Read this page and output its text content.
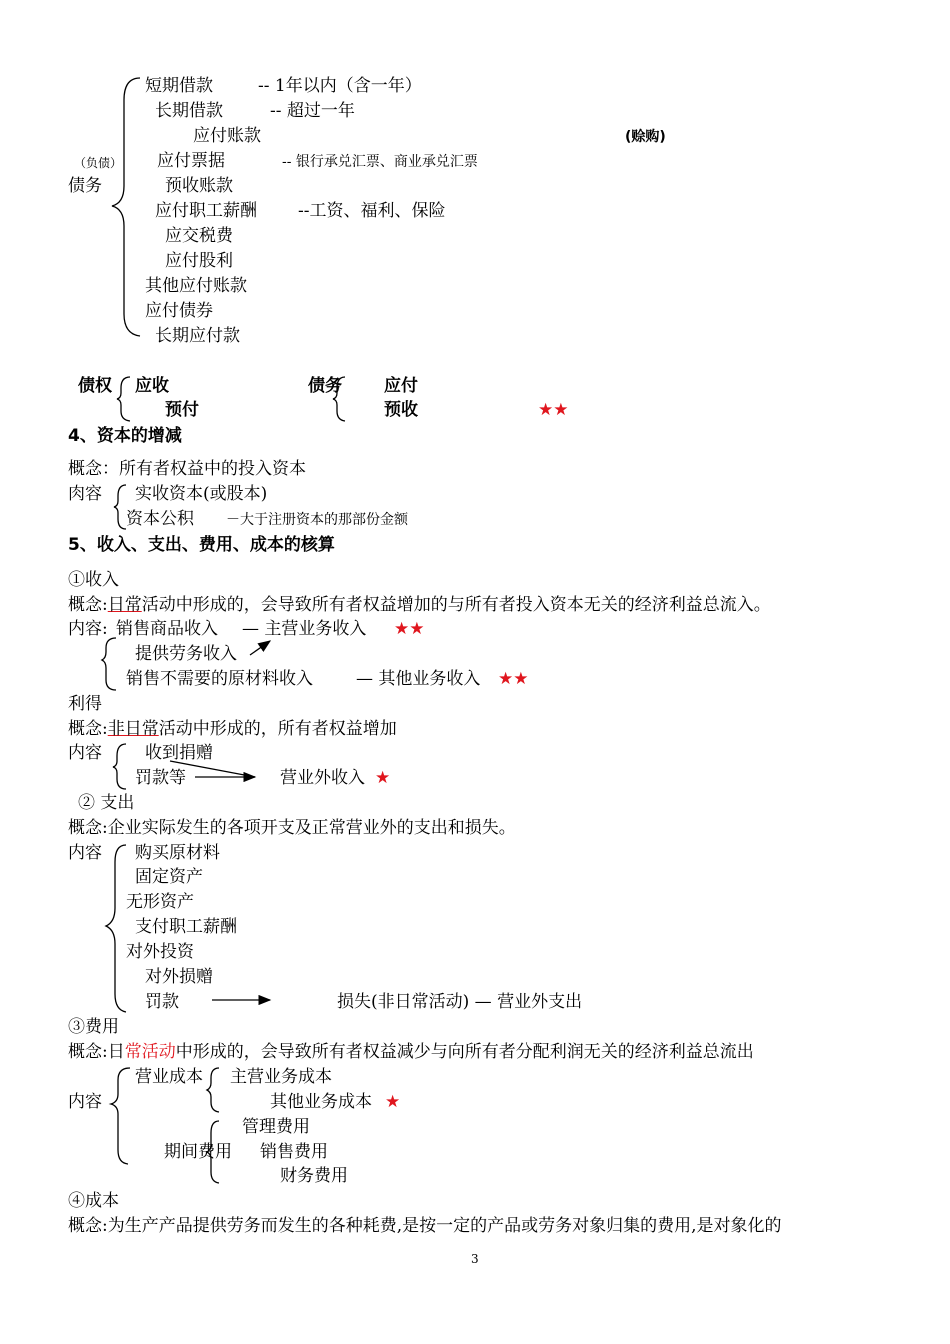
短期借款	-- 1年以内（含一年）
长期借款	-- 超过一年
应付账款	(赊购)
（负债） 应付票据	-- 银行承兑汇票、商业承兑汇票
债务	预收账款
应付职工薪酬 --工资、福利、保险
应交税费
应付股利
其他应付账款
应付债券
长期应付款
债权 应收
预付
债务 应付
预收	★★
4、资本的增减
概念：所有者权益中的投入资本
肉容 实收资本(或股本)
资本公积 －大于注册资本的那部份金额
5、收入、支出、费用、成本的核算
①收入
概念:日常活动中形成的，会导致所有者权益增加的与所有者投入资本无关的经济利益总流入。
内容: 销售商品收入 — 主营业务收入 ★★
提供劳务收入
销售不需要的原材料收入	— 其他业务收入 ★★
利得
概念:非日常活动中形成的，所有者权益增加
内容	收到捐赠
罚款等	营业外收入 ★
② 支出
概念:企业实际发生的各项开支及正常营业外的支出和损失。
内容 购买原材料
固定资产
无形资产
支付职工薪酬
对外投资
对外损赠
罚款	损失(非日常活动) — 营业外支出
③费用
概念:日常活动中形成的，会导致所有者权益减少与向所有者分配利润无关的经济利益总流出
营业成本 主营业务成本
内容	其他业务成本 ★
管理费用
期间费用 销售费用
财务费用
④成本
概念:为生产产品提供劳务而发生的各种耗费,是按一定的产品或劳务对象归集的费用,是对象化的
3
